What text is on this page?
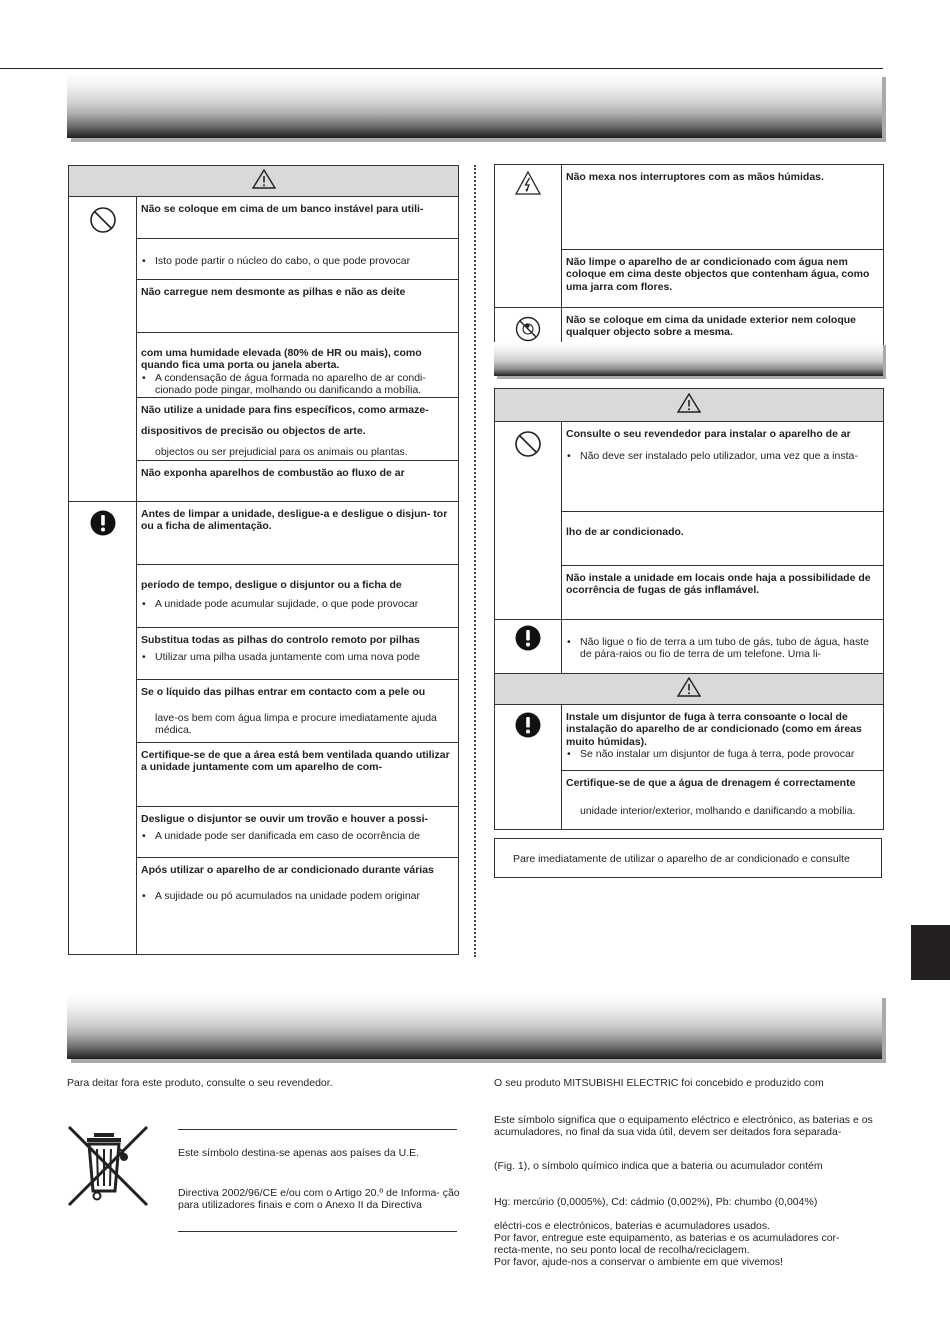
Não se coloque em cima de um banco instável para utili-

	• Isto pode partir o núcleo do cabo, o que pode provocar

	Não carregue nem desmonte as pilhas e não as deite

	com uma humidade elevada (80% de HR ou mais), como quando fica uma porta ou janela aberta.
• A condensação de água formada no aparelho de ar condi- cionado pode pingar, molhando ou danificando a mobília.

	Não utilize a unidade para fins específicos, como armaze-
dispositivos de precisão ou objectos de arte.
objectos ou ser prejudicial para os animais ou plantas.

	Não exponha aparelhos de combustão ao fluxo de ar

Antes de limpar a unidade, desligue-a e desligue o disjun- tor ou a ficha de alimentação.

	período de tempo, desligue o disjuntor ou a ficha de
• A unidade pode acumular sujidade, o que pode provocar

	Substitua todas as pilhas do controlo remoto por pilhas
• Utilizar uma pilha usada juntamente com uma nova pode

	Se o líquido das pilhas entrar em contacto com a pele ou
lave-os bem com água limpa e procure imediatamente ajuda médica.

	Certifique-se de que a área está bem ventilada quando utilizar a unidade juntamente com um aparelho de com-

	Desligue o disjuntor se ouvir um trovão e houver a possi-
• A unidade pode ser danificada em caso de ocorrência de

	Após utilizar o aparelho de ar condicionado durante várias
• A sujidade ou pó acumulados na unidade podem originar

Não mexa nos interruptores com as mãos húmidas.

	Não limpe o aparelho de ar condicionado com água nem coloque em cima deste objectos que contenham água, como uma jarra com flores.

Não se coloque em cima da unidade exterior nem coloque qualquer objecto sobre a mesma.

Consulte o seu revendedor para instalar o aparelho de ar
• Não deve ser instalado pelo utilizador, uma vez que a insta-

	lho de ar condicionado.

	Não instale a unidade em locais onde haja a possibilidade de ocorrência de fugas de gás inflamável.

• Não ligue o fio de terra a um tubo de gás, tubo de água, haste de pára-raios ou fio de terra de um telefone. Uma li-

Instale um disjuntor de fuga à terra consoante o local de instalação do aparelho de ar condicionado (como em áreas muito húmidas).
• Se não instalar um disjuntor de fuga à terra, pode provocar

	Certifique-se de que a água de drenagem é correctamente
unidade interior/exterior, molhando e danificando a mobília.
Pare imediatamente de utilizar o aparelho de ar condicionado e consulte
Para deitar fora este produto, consulte o seu revendedor.
Este símbolo destina-se apenas aos países da U.E.
Directiva 2002/96/CE e/ou com o Artigo 20.º de Informa- ção para utilizadores finais e com o Anexo II da Directiva
O seu produto MITSUBISHI ELECTRIC foi concebido e produzido com
Este símbolo significa que o equipamento eléctrico e electrónico, as baterias e os acumuladores, no final da sua vida útil, devem ser deitados fora separada-
(Fig. 1), o símbolo químico indica que a bateria ou acumulador contém
Hg: mercúrio (0,0005%), Cd: cádmio (0,002%), Pb: chumbo (0,004%)
eléctri-cos e electrónicos, baterias e acumuladores usados.
Por favor, entregue este equipamento, as baterias e os acumuladores cor- recta-mente, no seu ponto local de recolha/reciclagem.
Por favor, ajude-nos a conservar o ambiente em que vivemos!
